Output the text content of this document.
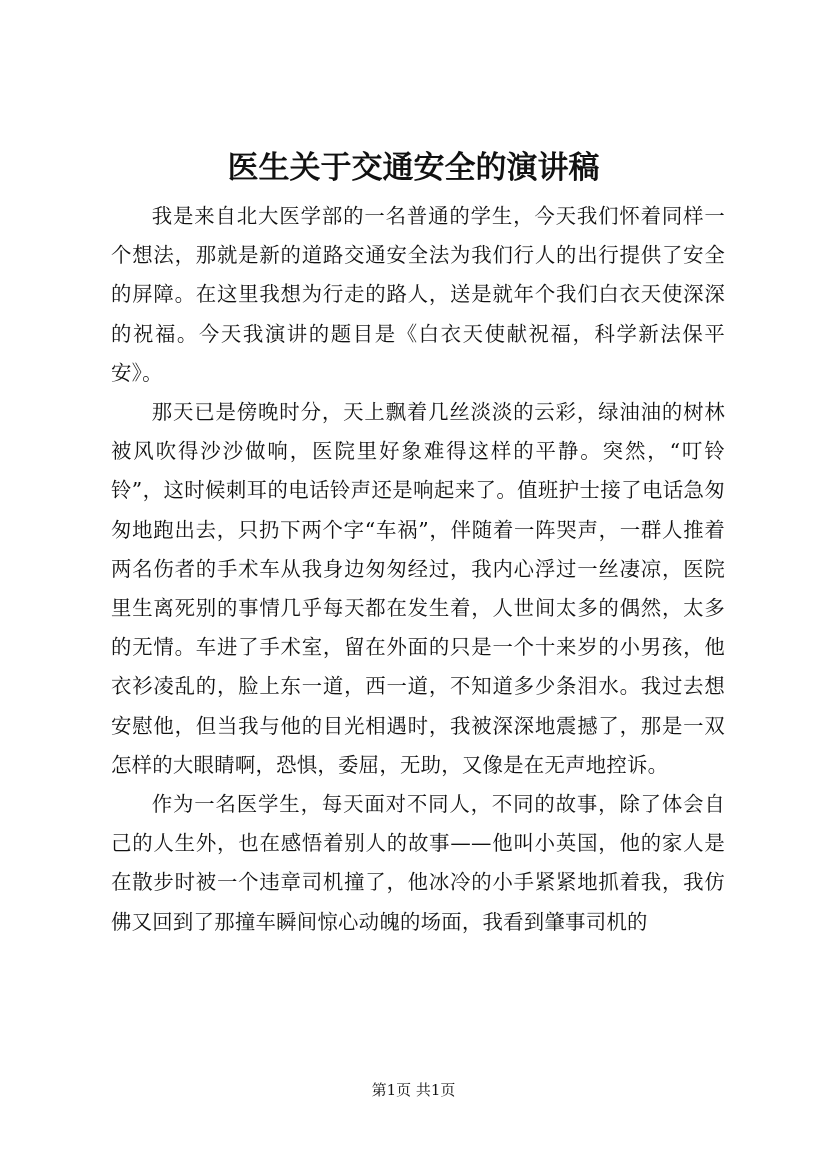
医生关于交通安全的演讲稿

我是来自北大医学部的一名普通的学生，今天我们怀着同样一个想法，那就是新的道路交通安全法为我们行人的出行提供了安全的屏障。在这里我想为行走的路人，送是就年个我们白衣天使深深的祝福。今天我演讲的题目是《白衣天使献祝福，科学新法保平安》。

那天已是傍晚时分，天上飘着几丝淡淡的云彩，绿油油的树林被风吹得沙沙做响，医院里好象难得这样的平静。突然，“叮铃铃”，这时候刺耳的电话铃声还是响起来了。值班护士接了电话急匆匆地跑出去，只扔下两个字“车祸”，伴随着一阵哭声，一群人推着两名伤者的手术车从我身边匆匆经过，我内心浮过一丝凄凉，医院里生离死别的事情几乎每天都在发生着，人世间太多的偶然，太多的无情。车进了手术室，留在外面的只是一个十来岁的小男孩，他衣衫凌乱的，脸上东一道，西一道，不知道多少条泪水。我过去想安慰他，但当我与他的目光相遇时，我被深深地震撼了，那是一双怎样的大眼睛啊，恐惧，委屈，无助，又像是在无声地控诉。

作为一名医学生，每天面对不同人，不同的故事，除了体会自己的人生外，也在感悟着别人的故事——他叫小英国，他的家人是在散步时被一个违章司机撞了，他冰冷的小手紧紧地抓着我，我仿佛又回到了那撞车瞬间惊心动魄的场面，我看到肇事司机的

第1页 共1页
